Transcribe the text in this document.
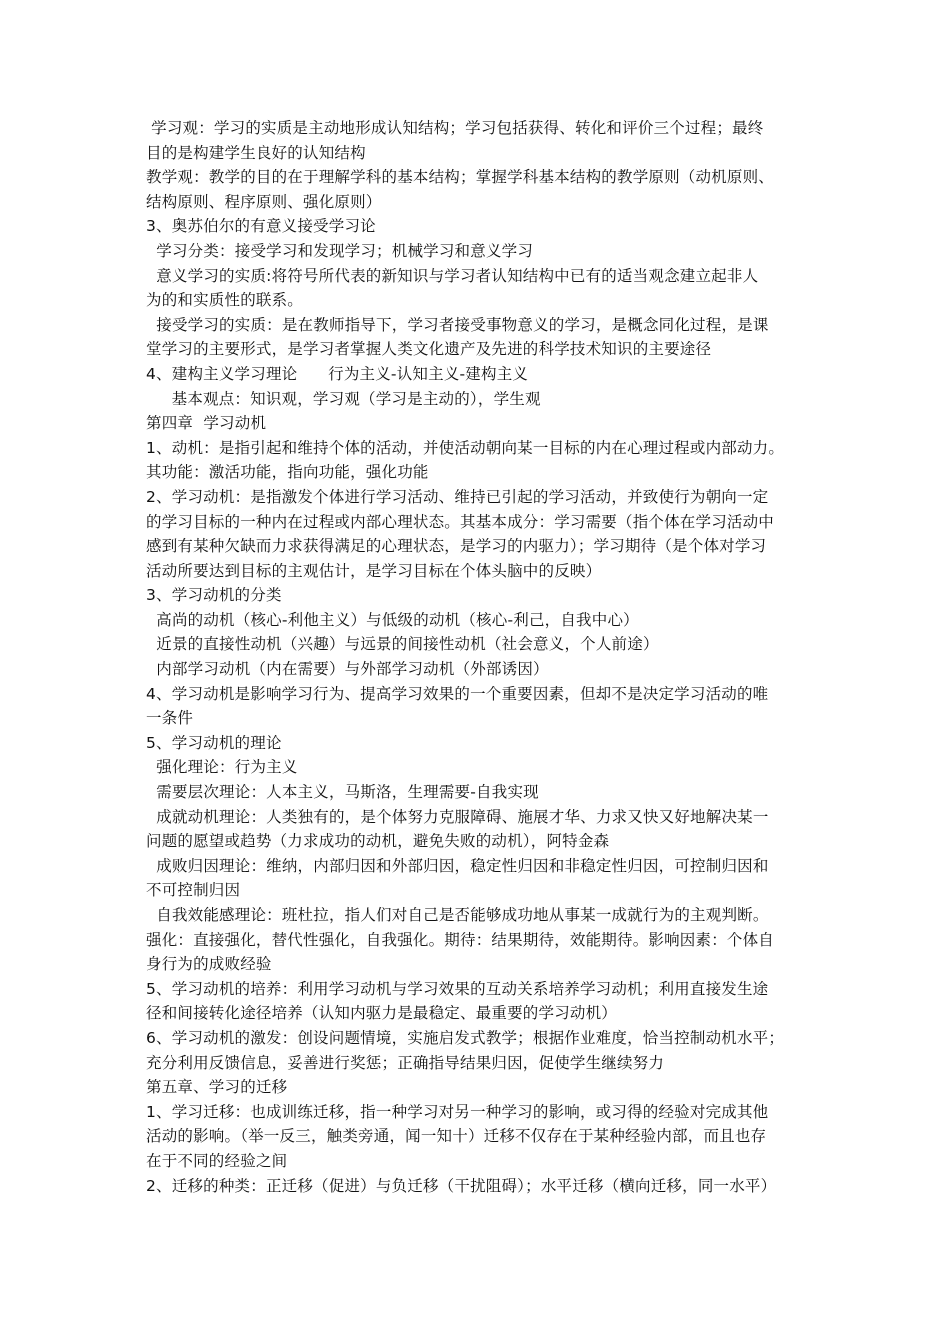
学习观：学习的实质是主动地形成认知结构；学习包括获得、转化和评价三个过程；最终

目的是构建学生良好的认知结构

教学观：教学的目的在于理解学科的基本结构；掌握学科基本结构的教学原则（动机原则、

结构原则、程序原则、强化原则）

3、奥苏伯尔的有意义接受学习论

学习分类：接受学习和发现学习；机械学习和意义学习

意义学习的实质:将符号所代表的新知识与学习者认知结构中已有的适当观念建立起非人

为的和实质性的联系。

接受学习的实质：是在教师指导下，学习者接受事物意义的学习，是概念同化过程，是课

堂学习的主要形式，是学习者掌握人类文化遗产及先进的科学技术知识的主要途径

4、建构主义学习理论      行为主义-认知主义-建构主义

基本观点：知识观，学习观（学习是主动的），学生观

第四章  学习动机

1、动机：是指引起和维持个体的活动，并使活动朝向某一目标的内在心理过程或内部动力。

其功能：激活功能，指向功能，强化功能

2、学习动机：是指激发个体进行学习活动、维持已引起的学习活动，并致使行为朝向一定

的学习目标的一种内在过程或内部心理状态。其基本成分：学习需要（指个体在学习活动中

感到有某种欠缺而力求获得满足的心理状态，是学习的内驱力）；学习期待（是个体对学习

活动所要达到目标的主观估计，是学习目标在个体头脑中的反映）

3、学习动机的分类

高尚的动机（核心-利他主义）与低级的动机（核心-利己，自我中心）

近景的直接性动机（兴趣）与远景的间接性动机（社会意义，个人前途）

内部学习动机（内在需要）与外部学习动机（外部诱因）

4、学习动机是影响学习行为、提高学习效果的一个重要因素，但却不是决定学习活动的唯

一条件

5、学习动机的理论

强化理论：行为主义

需要层次理论：人本主义，马斯洛，生理需要-自我实现

成就动机理论：人类独有的，是个体努力克服障碍、施展才华、力求又快又好地解决某一

问题的愿望或趋势（力求成功的动机，避免失败的动机），阿特金森

成败归因理论：维纳，内部归因和外部归因，稳定性归因和非稳定性归因，可控制归因和

不可控制归因

自我效能感理论：班杜拉，指人们对自己是否能够成功地从事某一成就行为的主观判断。

强化：直接强化，替代性强化，自我强化。期待：结果期待，效能期待。影响因素：个体自

身行为的成败经验

5、学习动机的培养：利用学习动机与学习效果的互动关系培养学习动机；利用直接发生途

径和间接转化途径培养（认知内驱力是最稳定、最重要的学习动机）

6、学习动机的激发：创设问题情境，实施启发式教学；根据作业难度，恰当控制动机水平；

充分利用反馈信息，妥善进行奖惩；正确指导结果归因，促使学生继续努力

第五章、学习的迁移

1、学习迁移：也成训练迁移，指一种学习对另一种学习的影响，或习得的经验对完成其他

活动的影响。（举一反三，触类旁通，闻一知十）迁移不仅存在于某种经验内部，而且也存

在于不同的经验之间

2、迁移的种类：正迁移（促进）与负迁移（干扰阻碍）；水平迁移（横向迁移，同一水平）
